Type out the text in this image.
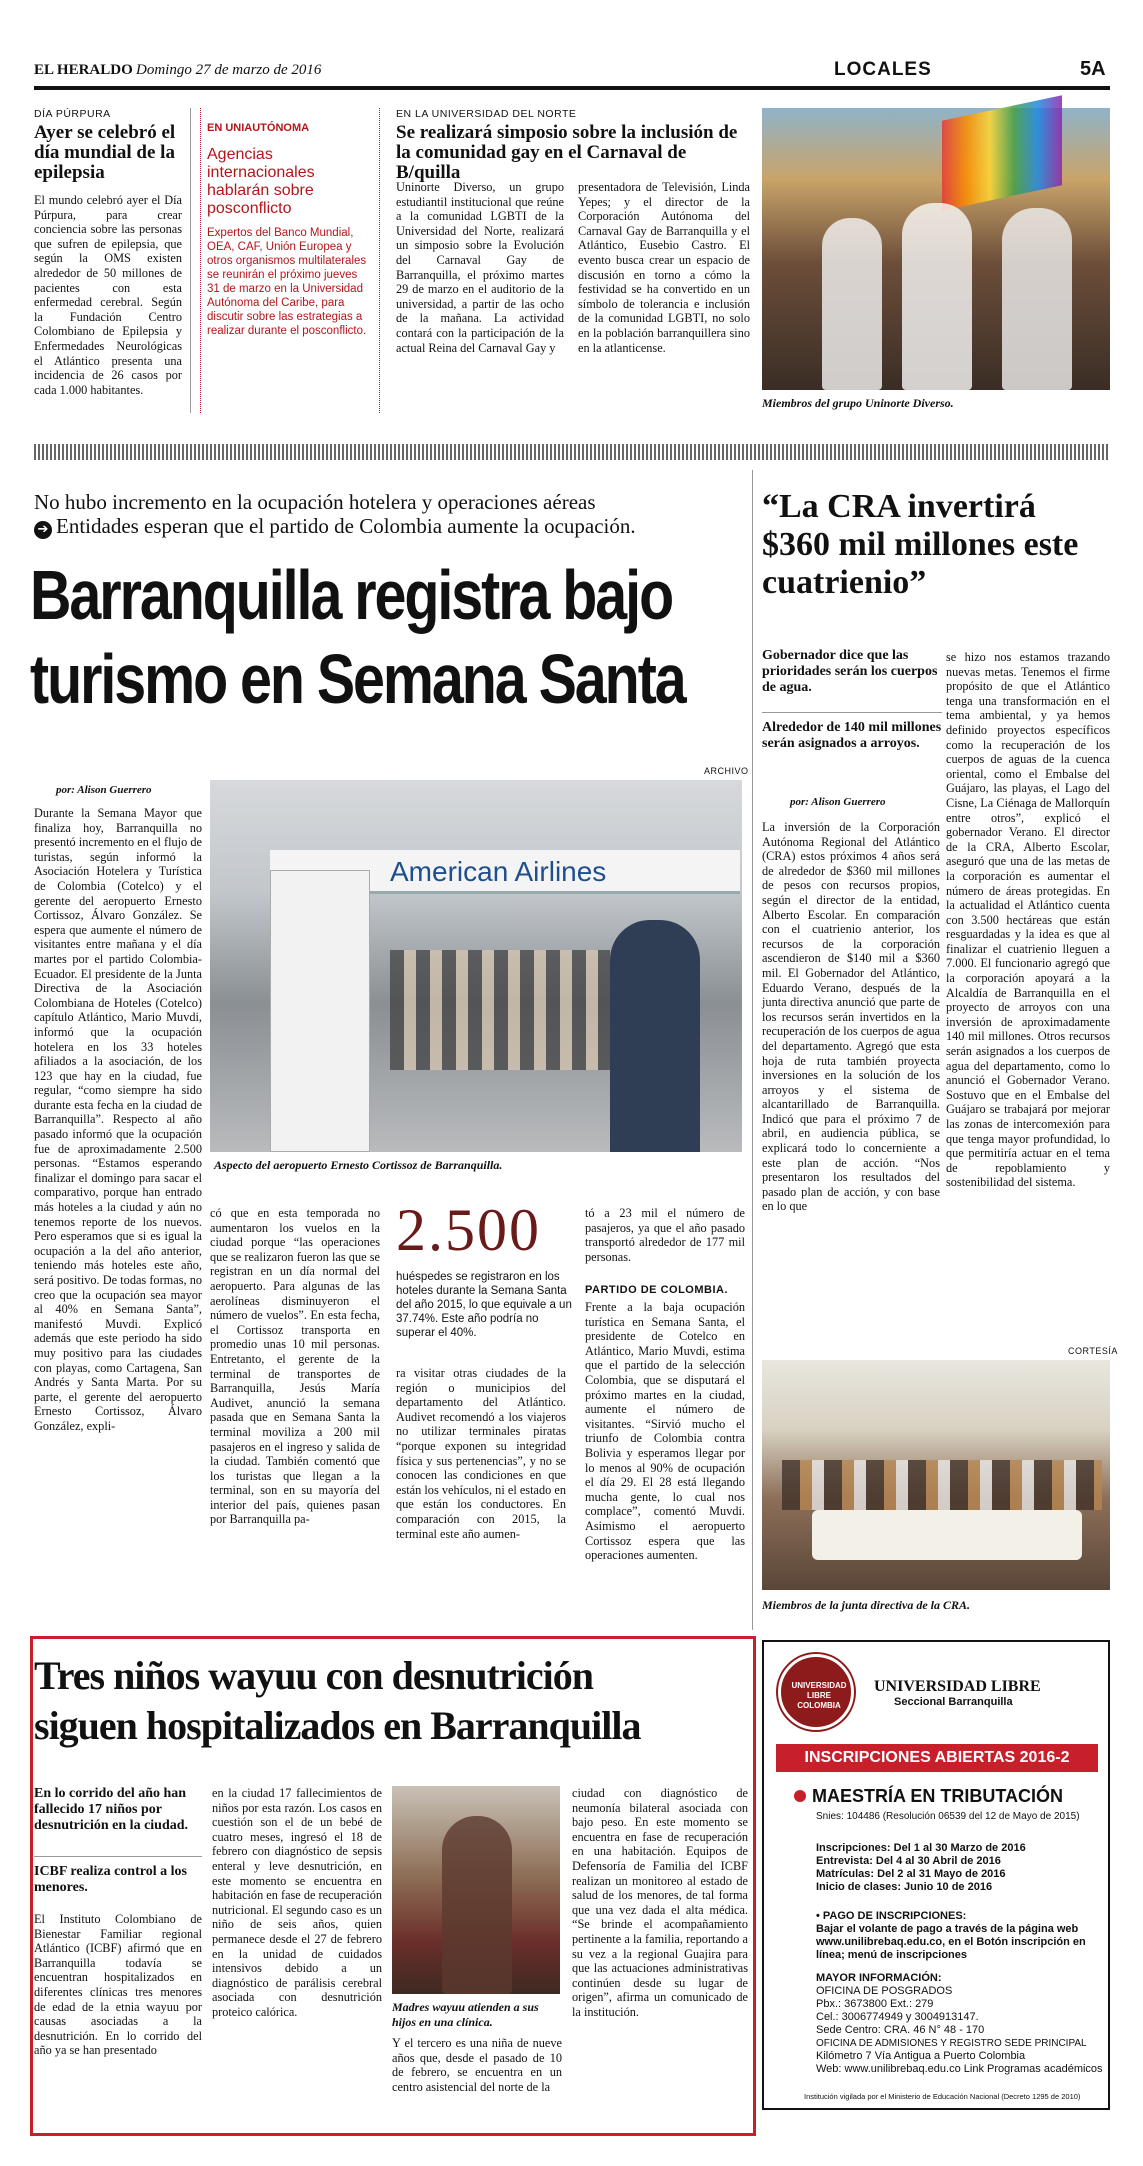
EL HERALDO Domingo 27 de marzo de 2016	LOCALES	5A
DÍA PÚRPURA
Ayer se celebró el día mundial de la epilepsia
El mundo celebró ayer el Día Púrpura, para crear conciencia sobre las personas que sufren de epilepsia, que según la OMS existen alrededor de 50 millones de pacientes con esta enfermedad cerebral. Según la Fundación Centro Colombiano de Epilepsia y Enfermedades Neurológicas el Atlántico presenta una incidencia de 26 casos por cada 1.000 habitantes.
EN UNIAUTÓNOMA
Agencias internacionales hablarán sobre posconflicto
Expertos del Banco Mundial, OEA, CAF, Unión Europea y otros organismos multilaterales se reunirán el próximo jueves 31 de marzo en la Universidad Autónoma del Caribe, para discutir sobre las estrategias a realizar durante el posconflicto.
EN LA UNIVERSIDAD DEL NORTE
Se realizará simposio sobre la inclusión de la comunidad gay en el Carnaval de B/quilla
Uninorte Diverso, un grupo estudiantil institucional que reúne a la comunidad LGBTI de la Universidad del Norte, realizará un simposio sobre la Evolución del Carnaval Gay de Barranquilla, el próximo martes 29 de marzo en el auditorio de la universidad, a partir de las ocho de la mañana. La actividad contará con la participación de la actual Reina del Carnaval Gay y
presentadora de Televisión, Linda Yepes; y el director de la Corporación Autónoma del Carnaval Gay de Barranquilla y el Atlántico, Eusebio Castro. El evento busca crear un espacio de discusión en torno a cómo la festividad se ha convertido en un símbolo de tolerancia e inclusión de la comunidad LGBTI, no solo en la población barranquillera sino en la atlanticense.
Miembros del grupo Uninorte Diverso.
No hubo incremento en la ocupación hotelera y operaciones aéreas
➔ Entidades esperan que el partido de Colombia aumente la ocupación.
Barranquilla registra bajo
turismo en Semana Santa
por: Alison Guerrero
ARCHIVO
American Airlines
Aspecto del aeropuerto Ernesto Cortissoz de Barranquilla.
Durante la Semana Mayor que finaliza hoy, Barranquilla no presentó incremento en el flujo de turistas, según informó la Asociación Hotelera y Turística de Colombia (Cotelco) y el gerente del aeropuerto Ernesto Cortissoz, Álvaro González. Se espera que aumente el número de visitantes entre mañana y el día martes por el partido Colombia- Ecuador. El presidente de la Junta Directiva de la Asociación Colombiana de Hoteles (Cotelco) capítulo Atlántico, Mario Muvdi, informó que la ocupación hotelera en los 33 hoteles afiliados a la asociación, de los 123 que hay en la ciudad, fue regular, “como siempre ha sido durante esta fecha en la ciudad de Barranquilla”. Respecto al año pasado informó que la ocupación fue de aproximadamente 2.500 personas. “Estamos esperando finalizar el domingo para sacar el comparativo, porque han entrado más hoteles a la ciudad y aún no tenemos reporte de los nuevos. Pero esperamos que si es igual la ocupación a la del año anterior, teniendo más hoteles este año, será positivo. De todas formas, no creo que la ocupación sea mayor al 40% en Semana Santa”, manifestó Muvdi. Explicó además que este periodo ha sido muy positivo para las ciudades con playas, como Cartagena, San Andrés y Santa Marta. Por su parte, el gerente del aeropuerto Ernesto Cortissoz, Álvaro González, expli-
có que en esta temporada no aumentaron los vuelos en la ciudad porque “las operaciones que se realizaron fueron las que se registran en un día normal del aeropuerto. Para algunas de las aerolíneas disminuyeron el número de vuelos”. En esta fecha, el Cortissoz transporta en promedio unas 10 mil personas. Entretanto, el gerente de la terminal de transportes de Barranquilla, Jesús María Audivet, anunció la semana pasada que en Semana Santa la terminal moviliza a 200 mil pasajeros en el ingreso y salida de la ciudad. También comentó que los turistas que llegan a la terminal, son en su mayoría del interior del país, quienes pasan por Barranquilla pa-
2.500
huéspedes se registraron en los hoteles durante la Semana Santa del año 2015, lo que equivale a un 37.74%. Este año podría no superar el 40%.
ra visitar otras ciudades de la región o municipios del departamento del Atlántico. Audivet recomendó a los viajeros no utilizar terminales piratas “porque exponen su integridad física y sus pertenencias”, y no se conocen las condiciones en que están los vehículos, ni el estado en que están los conductores. En comparación con 2015, la terminal este año aumen-
tó a 23 mil el número de pasajeros, ya que el año pasado transportó alrededor de 177 mil personas.
PARTIDO DE COLOMBIA.
Frente a la baja ocupación turística en Semana Santa, el presidente de Cotelco en Atlántico, Mario Muvdi, estima que el partido de la selección Colombia, que se disputará el próximo martes en la ciudad, aumente el número de visitantes. “Sirvió mucho el triunfo de Colombia contra Bolivia y esperamos llegar por lo menos al 90% de ocupación el día 29. El 28 está llegando mucha gente, lo cual nos complace”, comentó Muvdi. Asimismo el aeropuerto Cortissoz espera que las operaciones aumenten.
“La CRA invertirá $360 mil millones este cuatrienio”
Gobernador dice que las prioridades serán los cuerpos de agua.
Alrededor de 140 mil millones serán asignados a arroyos.
por: Alison Guerrero
La inversión de la Corporación Autónoma Regional del Atlántico (CRA) estos próximos 4 años será de alrededor de $360 mil millones de pesos con recursos propios, según el director de la entidad, Alberto Escolar. En comparación con el cuatrienio anterior, los recursos de la corporación ascendieron de $140 mil a $360 mil. El Gobernador del Atlántico, Eduardo Verano, después de la junta directiva anunció que parte de los recursos serán invertidos en la recuperación de los cuerpos de agua del departamento. Agregó que esta hoja de ruta también proyecta inversiones en la solución de los arroyos y el sistema de alcantarillado de Barranquilla. Indicó que para el próximo 7 de abril, en audiencia pública, se explicará todo lo concerniente a este plan de acción. “Nos presentaron los resultados del pasado plan de acción, y con base en lo que
se hizo nos estamos trazando nuevas metas. Tenemos el firme propósito de que el Atlántico tenga una transformación en el tema ambiental, y ya hemos definido proyectos específicos como la recuperación de los cuerpos de aguas de la cuenca oriental, como el Embalse del Guájaro, las playas, el Lago del Cisne, La Ciénaga de Mallorquín entre otros”, explicó el gobernador Verano. El director de la CRA, Alberto Escolar, aseguró que una de las metas de la corporación es aumentar el número de áreas protegidas. En la actualidad el Atlántico cuenta con 3.500 hectáreas que están resguardadas y la idea es que al finalizar el cuatrienio lleguen a 7.000. El funcionario agregó que la corporación apoyará a la Alcaldía de Barranquilla en el proyecto de arroyos con una inversión de aproximadamente 140 mil millones. Otros recursos serán asignados a los cuerpos de agua del departamento, como lo anunció el Gobernador Verano. Sostuvo que en el Embalse del Guájaro se trabajará por mejorar las zonas de intercomexión para que tenga mayor profundidad, lo que permitiría actuar en el tema de repoblamiento y sostenibilidad del sistema.
CORTESÍA
Miembros de la junta directiva de la CRA.
Tres niños wayuu con desnutrición
siguen hospitalizados en Barranquilla
En lo corrido del año han fallecido 17 niños por desnutrición en la ciudad.
ICBF realiza control a los menores.
El Instituto Colombiano de Bienestar Familiar regional Atlántico (ICBF) afirmó que en Barranquilla todavía se encuentran hospitalizados en diferentes clínicas tres menores de edad de la etnia wayuu por causas asociadas a la desnutrición. En lo corrido del año ya se han presentado
en la ciudad 17 fallecimientos de niños por esta razón. Los casos en cuestión son el de un bebé de cuatro meses, ingresó el 18 de febrero con diagnóstico de sepsis enteral y leve desnutrición, en este momento se encuentra en habitación en fase de recuperación nutricional. El segundo caso es un niño de seis años, quien permanece desde el 27 de febrero en la unidad de cuidados intensivos debido a un diagnóstico de parálisis cerebral asociada con desnutrición proteico calórica.	Madres wayuu atienden a sus hijos en una clínica.
Y el tercero es una niña de nueve años que, desde el pasado de 10 de febrero, se encuentra en un centro asistencial del norte de la
ciudad con diagnóstico de neumonía bilateral asociada con bajo peso. En este momento se encuentra en fase de recuperación en una habitación. Equipos de Defensoría de Familia del ICBF realizan un monitoreo al estado de salud de los menores, de tal forma que una vez dada el alta médica. “Se brinde el acompañamiento pertinente a la familia, reportando a su vez a la regional Guajira para que las actuaciones administrativas continúen desde su lugar de origen”, afirma un comunicado de la institución.
UNIVERSIDAD LIBRE COLOMBIA
UNIVERSIDAD LIBRE
Seccional Barranquilla
INSCRIPCIONES ABIERTAS 2016-2
MAESTRÍA EN TRIBUTACIÓN
Snies: 104486 (Resolución 06539 del 12 de Mayo de 2015)
Inscripciones: Del 1 al 30 Marzo de 2016
Entrevista: Del 4 al 30 Abril de 2016
Matrículas: Del 2 al 31 Mayo de 2016
Inicio de clases: Junio 10 de 2016
• PAGO DE INSCRIPCIONES:
Bajar el volante de pago a través de la página web www.unilibrebaq.edu.co, en el Botón inscripción en línea; menú de inscripciones
MAYOR INFORMACIÓN:
OFICINA DE POSGRADOS
Pbx.: 3673800 Ext.: 279
Cel.: 3006774949 y 3004913147.
Sede Centro: CRA. 46 N° 48 - 170
OFICINA DE ADMISIONES Y REGISTRO SEDE PRINCIPAL
Kilómetro 7 Vía Antigua a Puerto Colombia
Web: www.unilibrebaq.edu.co Link Programas académicos
Institución vigilada por el Ministerio de Educación Nacional (Decreto 1295 de 2010)
